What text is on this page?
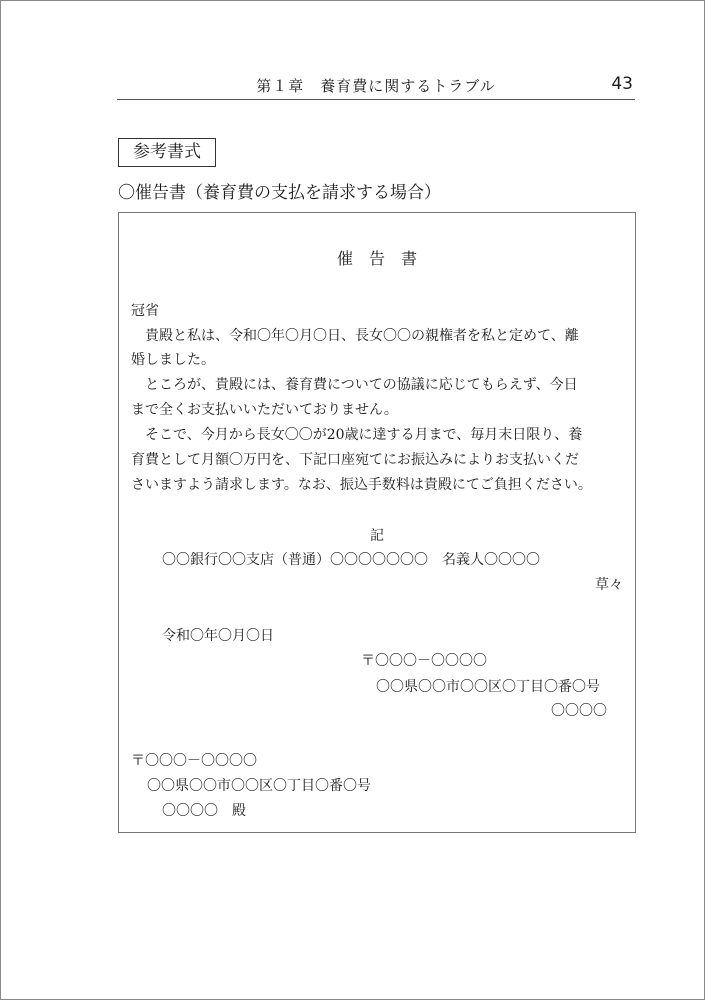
第１章　養育費に関するトラブル	43
参考書式
〇催告書（養育費の支払を請求する場合）
催告書
冠省
貴殿と私は、令和〇年〇月〇日、長女〇〇の親権者を私と定めて、離
婚しました。
ところが、貴殿には、養育費についての協議に応じてもらえず、今日
まで全くお支払いいただいておりません。
そこで、今月から長女〇〇が20歳に達する月まで、毎月末日限り、養
育費として月額〇万円を、下記口座宛てにお振込みによりお支払いくだ
さいますよう請求します。なお、振込手数料は貴殿にてご負担ください。
記
〇〇銀行〇〇支店（普通）〇〇〇〇〇〇〇　名義人〇〇〇〇
草々
令和〇年〇月〇日
〒〇〇〇－〇〇〇〇
〇〇県〇〇市〇〇区〇丁目〇番〇号
〇〇〇〇
〒〇〇〇－〇〇〇〇
〇〇県〇〇市〇〇区〇丁目〇番〇号
〇〇〇〇　殿
